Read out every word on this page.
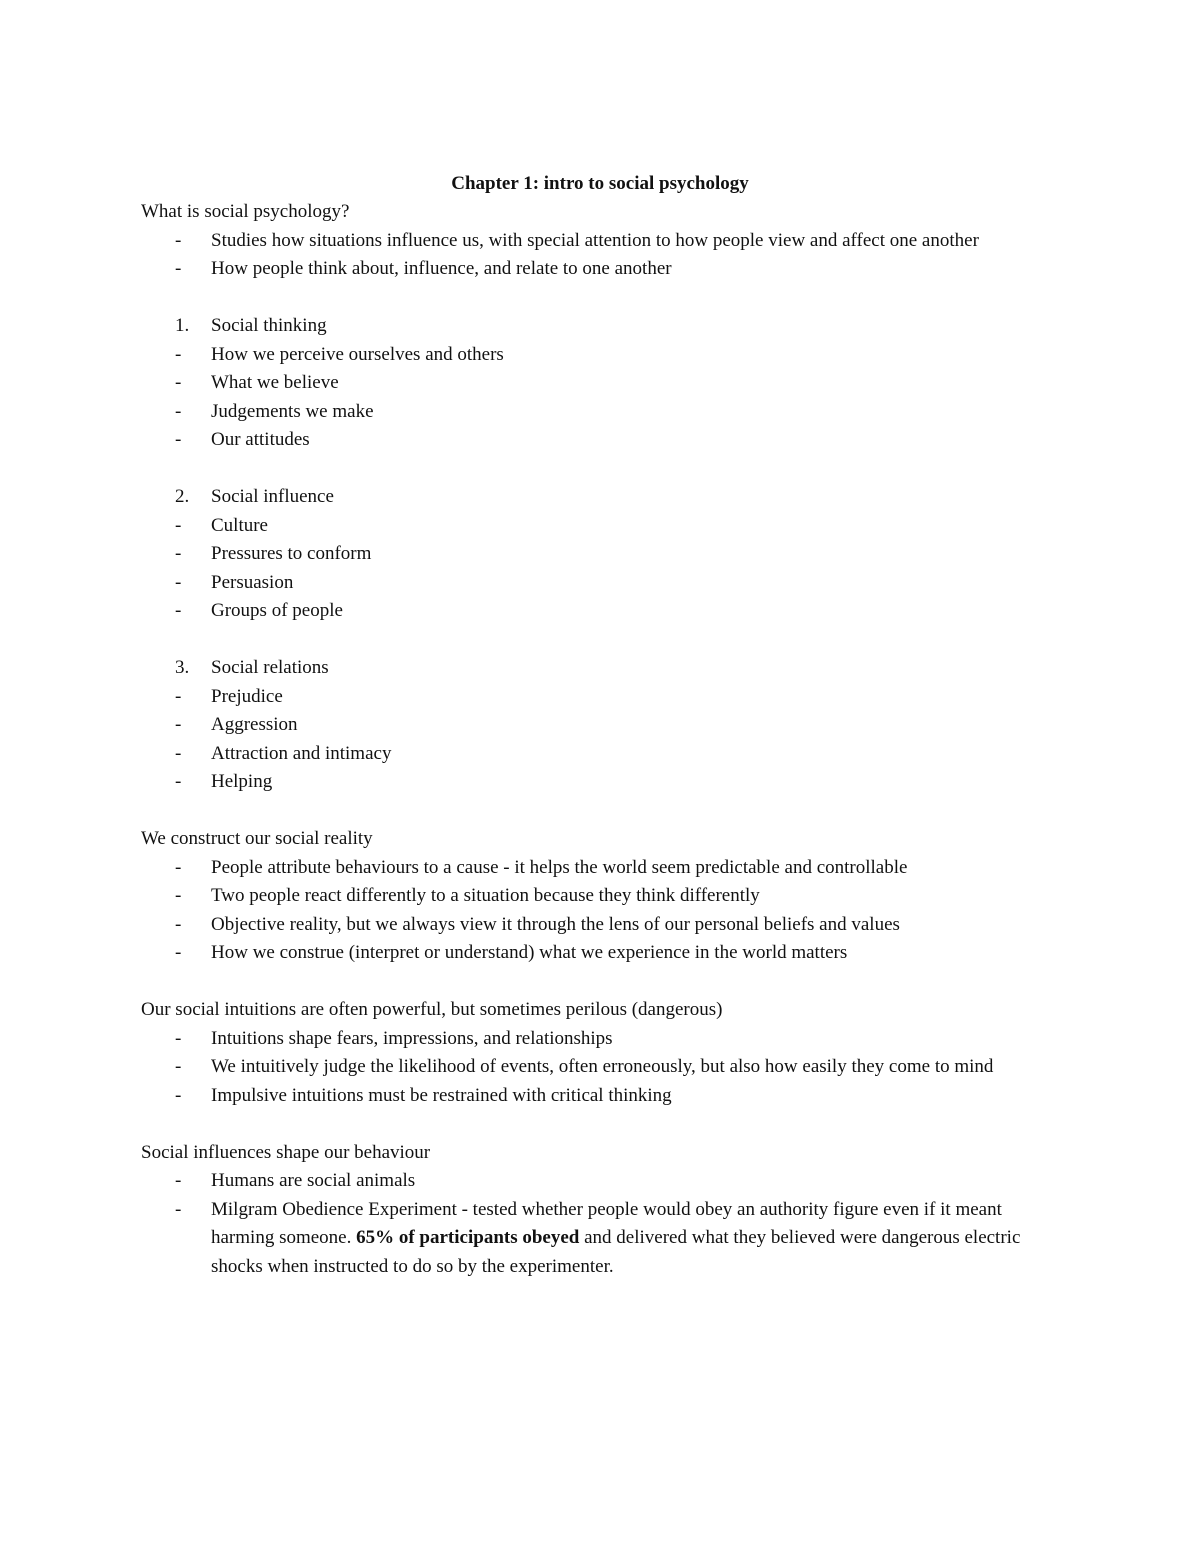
Chapter 1: intro to social psychology

What is social psychology?

- Studies how situations influence us, with special attention to how people view and affect one another
- How people think about, influence, and relate to one another
1. Social thinking
- How we perceive ourselves and others
- What we believe
- Judgements we make
- Our attitudes
2. Social influence
- Culture
- Pressures to conform
- Persuasion
- Groups of people
3. Social relations
- Prejudice
- Aggression
- Attraction and intimacy
- Helping

We construct our social reality

- People attribute behaviours to a cause - it helps the world seem predictable and controllable
- Two people react differently to a situation because they think differently
- Objective reality, but we always view it through the lens of our personal beliefs and values
- How we construe (interpret or understand) what we experience in the world matters

Our social intuitions are often powerful, but sometimes perilous (dangerous)

- Intuitions shape fears, impressions, and relationships
- We intuitively judge the likelihood of events, often erroneously, but also how easily they come to mind
- Impulsive intuitions must be restrained with critical thinking

Social influences shape our behaviour

- Humans are social animals
- Milgram Obedience Experiment - tested whether people would obey an authority figure even if it meant harming someone. 65% of participants obeyed and delivered what they believed were dangerous electric shocks when instructed to do so by the experimenter.
